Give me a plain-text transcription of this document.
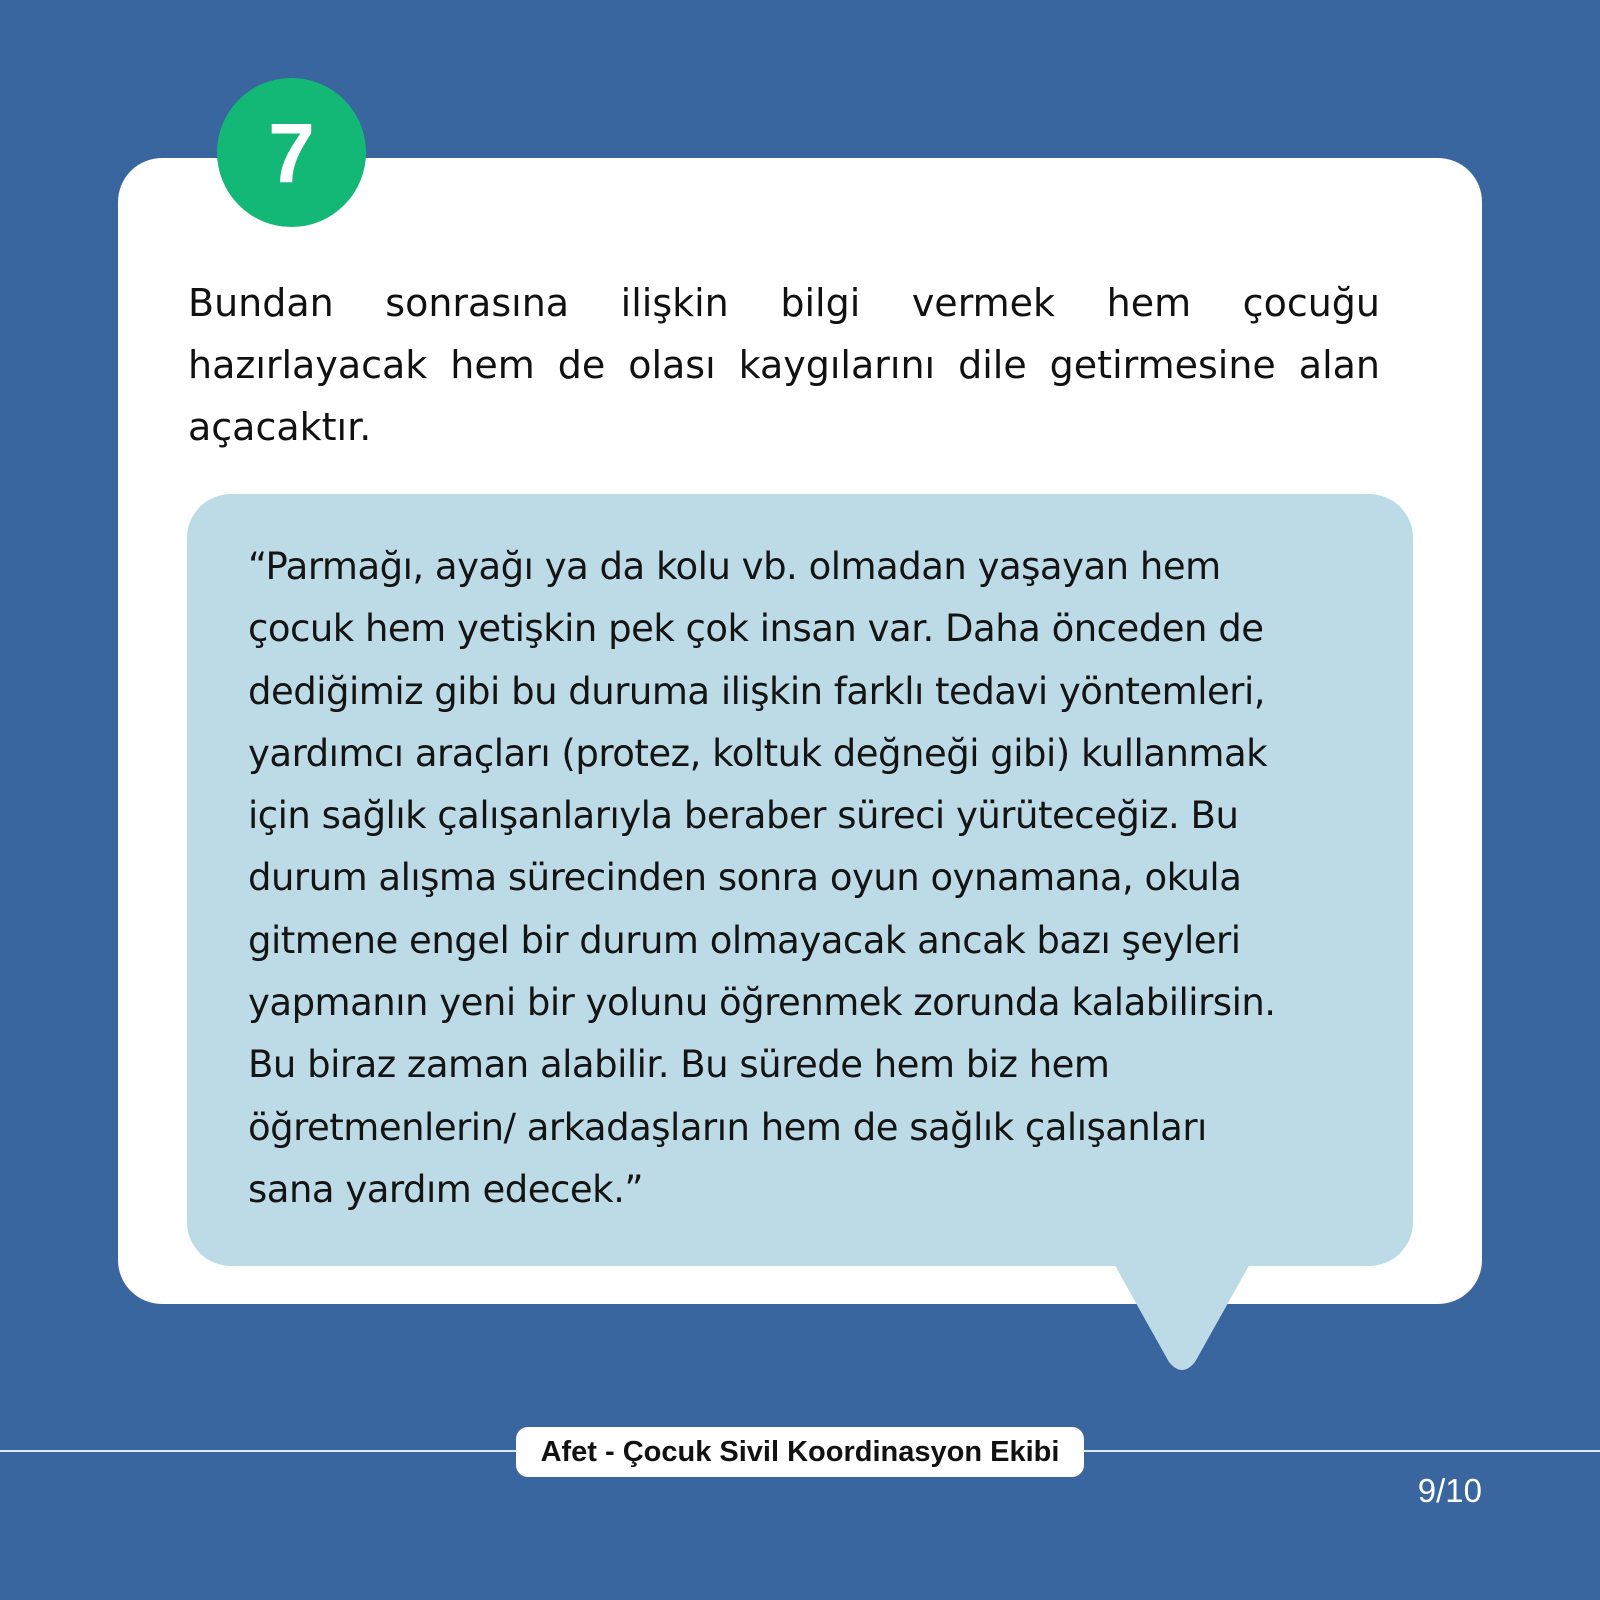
7

Bundan sonrasına ilişkin bilgi vermek hem çocuğu hazırlayacak hem de olası kaygılarını dile getirmesine alan açacaktır.

“Parmağı, ayağı ya da kolu vb. olmadan yaşayan hem
çocuk hem yetişkin pek çok insan var. Daha önceden de
dediğimiz gibi bu duruma ilişkin farklı tedavi yöntemleri,
yardımcı araçları (protez, koltuk değneği gibi) kullanmak
için sağlık çalışanlarıyla beraber süreci yürüteceğiz. Bu
durum alışma sürecinden sonra oyun oynamana, okula
gitmene engel bir durum olmayacak ancak bazı şeyleri
yapmanın yeni bir yolunu öğrenmek zorunda kalabilirsin.
Bu biraz zaman alabilir. Bu sürede hem biz hem
öğretmenlerin/ arkadaşların hem de sağlık çalışanları
sana yardım edecek.”

Afet - Çocuk Sivil Koordinasyon Ekibi
9/10
